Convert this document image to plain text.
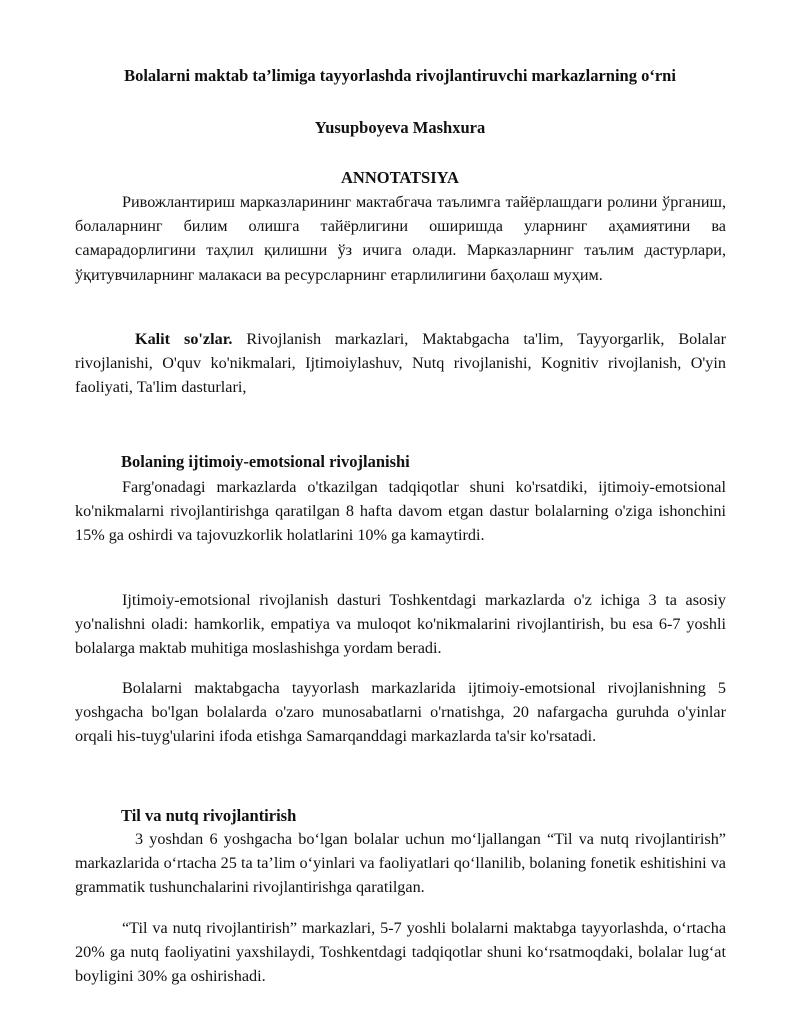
Bolalarni maktab ta’limiga tayyorlashda rivojlantiruvchi markazlarning o‘rni
Yusupboyeva Mashxura
ANNOTATSIYA

Ривожлантириш марказларининг мактабгача таълимга тайёрлашдаги ролини ўрганиш, болаларнинг билим олишга тайёрлигини оширишда уларнинг аҳамиятини ва самарадорлигини таҳлил қилишни ўз ичига олади. Марказларнинг таълим дастурлари, ўқитувчиларнинг малакаси ва ресурсларнинг етарлилигини баҳолаш муҳим.

Kalit so'zlar. Rivojlanish markazlari, Maktabgacha ta'lim, Tayyorgarlik, Bolalar rivojlanishi, O'quv ko'nikmalari, Ijtimoiylashuv, Nutq rivojlanishi, Kognitiv rivojlanish, O'yin faoliyati, Ta'lim dasturlari,

Bolaning ijtimoiy-emotsional rivojlanishi

Farg'onadagi markazlarda o'tkazilgan tadqiqotlar shuni ko'rsatdiki, ijtimoiy-emotsional ko'nikmalarni rivojlantirishga qaratilgan 8 hafta davom etgan dastur bolalarning o'ziga ishonchini 15% ga oshirdi va tajovuzkorlik holatlarini 10% ga kamaytirdi.

Ijtimoiy-emotsional rivojlanish dasturi Toshkentdagi markazlarda o'z ichiga 3 ta asosiy yo'nalishni oladi: hamkorlik, empatiya va muloqot ko'nikmalarini rivojlantirish, bu esa 6-7 yoshli bolalarga maktab muhitiga moslashishga yordam beradi.

Bolalarni maktabgacha tayyorlash markazlarida ijtimoiy-emotsional rivojlanishning 5 yoshgacha bo'lgan bolalarda o'zaro munosabatlarni o'rnatishga, 20 nafargacha guruhda o'yinlar orqali his-tuyg'ularini ifoda etishga Samarqanddagi markazlarda ta'sir ko'rsatadi.

Til va nutq rivojlantirish

3 yoshdan 6 yoshgacha bo‘lgan bolalar uchun mo‘ljallangan “Til va nutq rivojlantirish” markazlarida o‘rtacha 25 ta ta’lim o‘yinlari va faoliyatlari qo‘llanilib, bolaning fonetik eshitishini va grammatik tushunchalarini rivojlantirishga qaratilgan.

“Til va nutq rivojlantirish” markazlari, 5-7 yoshli bolalarni maktabga tayyorlashda, o‘rtacha 20% ga nutq faoliyatini yaxshilaydi, Toshkentdagi tadqiqotlar shuni ko‘rsatmoqdaki, bolalar lug‘at boyligini 30% ga oshirishadi.
